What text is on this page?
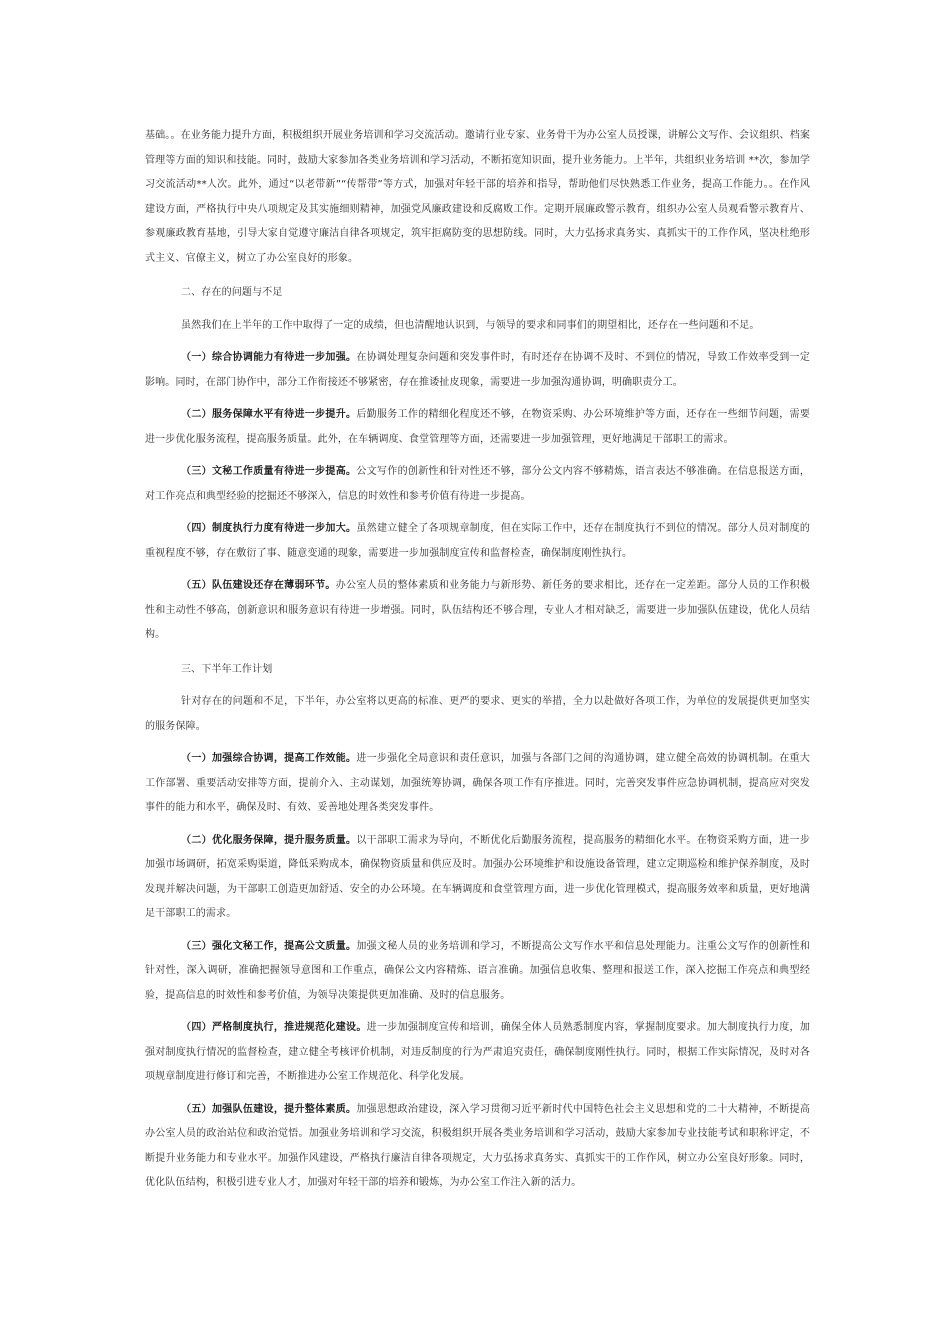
基础。。在业务能力提升方面，积极组织开展业务培训和学习交流活动。邀请行业专家、业务骨干为办公室人员授课，讲解公文写作、会议组织、档案管理等方面的知识和技能。同时，鼓励大家参加各类业务培训和学习活动，不断拓宽知识面，提升业务能力。上半年，共组织业务培训 **次，参加学习交流活动**人次。此外，通过“以老带新”“传帮带”等方式，加强对年轻干部的培养和指导，帮助他们尽快熟悉工作业务，提高工作能力。。在作风建设方面，严格执行中央八项规定及其实施细则精神，加强党风廉政建设和反腐败工作。定期开展廉政警示教育，组织办公室人员观看警示教育片、参观廉政教育基地，引导大家自觉遵守廉洁自律各项规定，筑牢拒腐防变的思想防线。同时，大力弘扬求真务实、真抓实干的工作作风，坚决杜绝形式主义、官僚主义，树立了办公室良好的形象。

二、存在的问题与不足

虽然我们在上半年的工作中取得了一定的成绩，但也清醒地认识到，与领导的要求和同事们的期望相比，还存在一些问题和不足。

（一）综合协调能力有待进一步加强。在协调处理复杂问题和突发事件时，有时还存在协调不及时、不到位的情况，导致工作效率受到一定影响。同时，在部门协作中，部分工作衔接还不够紧密，存在推诿扯皮现象，需要进一步加强沟通协调，明确职责分工。

（二）服务保障水平有待进一步提升。后勤服务工作的精细化程度还不够，在物资采购、办公环境维护等方面，还存在一些细节问题，需要进一步优化服务流程，提高服务质量。此外，在车辆调度、食堂管理等方面，还需要进一步加强管理，更好地满足干部职工的需求。

（三）文秘工作质量有待进一步提高。公文写作的创新性和针对性还不够，部分公文内容不够精炼，语言表达不够准确。在信息报送方面，对工作亮点和典型经验的挖掘还不够深入，信息的时效性和参考价值有待进一步提高。

（四）制度执行力度有待进一步加大。虽然建立健全了各项规章制度，但在实际工作中，还存在制度执行不到位的情况。部分人员对制度的重视程度不够，存在敷衍了事、随意变通的现象，需要进一步加强制度宣传和监督检查，确保制度刚性执行。

（五）队伍建设还存在薄弱环节。办公室人员的整体素质和业务能力与新形势、新任务的要求相比，还存在一定差距。部分人员的工作积极性和主动性不够高，创新意识和服务意识有待进一步增强。同时，队伍结构还不够合理，专业人才相对缺乏，需要进一步加强队伍建设，优化人员结构。

三、下半年工作计划

针对存在的问题和不足，下半年，办公室将以更高的标准、更严的要求、更实的举措，全力以赴做好各项工作，为单位的发展提供更加坚实的服务保障。

（一）加强综合协调，提高工作效能。进一步强化全局意识和责任意识，加强与各部门之间的沟通协调，建立健全高效的协调机制。在重大工作部署、重要活动安排等方面，提前介入、主动谋划，加强统筹协调，确保各项工作有序推进。同时，完善突发事件应急协调机制，提高应对突发事件的能力和水平，确保及时、有效、妥善地处理各类突发事件。

（二）优化服务保障，提升服务质量。以干部职工需求为导向，不断优化后勤服务流程，提高服务的精细化水平。在物资采购方面，进一步加强市场调研，拓宽采购渠道，降低采购成本，确保物资质量和供应及时。加强办公环境维护和设施设备管理，建立定期巡检和维护保养制度，及时发现并解决问题，为干部职工创造更加舒适、安全的办公环境。在车辆调度和食堂管理方面，进一步优化管理模式，提高服务效率和质量，更好地满足干部职工的需求。

（三）强化文秘工作，提高公文质量。加强文秘人员的业务培训和学习，不断提高公文写作水平和信息处理能力。注重公文写作的创新性和针对性，深入调研，准确把握领导意图和工作重点，确保公文内容精炼、语言准确。加强信息收集、整理和报送工作，深入挖掘工作亮点和典型经验，提高信息的时效性和参考价值，为领导决策提供更加准确、及时的信息服务。

（四）严格制度执行，推进规范化建设。进一步加强制度宣传和培训，确保全体人员熟悉制度内容，掌握制度要求。加大制度执行力度，加强对制度执行情况的监督检查，建立健全考核评价机制，对违反制度的行为严肃追究责任，确保制度刚性执行。同时，根据工作实际情况，及时对各项规章制度进行修订和完善，不断推进办公室工作规范化、科学化发展。

（五）加强队伍建设，提升整体素质。加强思想政治建设，深入学习贯彻习近平新时代中国特色社会主义思想和党的二十大精神，不断提高办公室人员的政治站位和政治觉悟。加强业务培训和学习交流，积极组织开展各类业务培训和学习活动，鼓励大家参加专业技能考试和职称评定，不断提升业务能力和专业水平。加强作风建设，严格执行廉洁自律各项规定，大力弘扬求真务实、真抓实干的工作作风，树立办公室良好形象。同时，优化队伍结构，积极引进专业人才，加强对年轻干部的培养和锻炼，为办公室工作注入新的活力。
